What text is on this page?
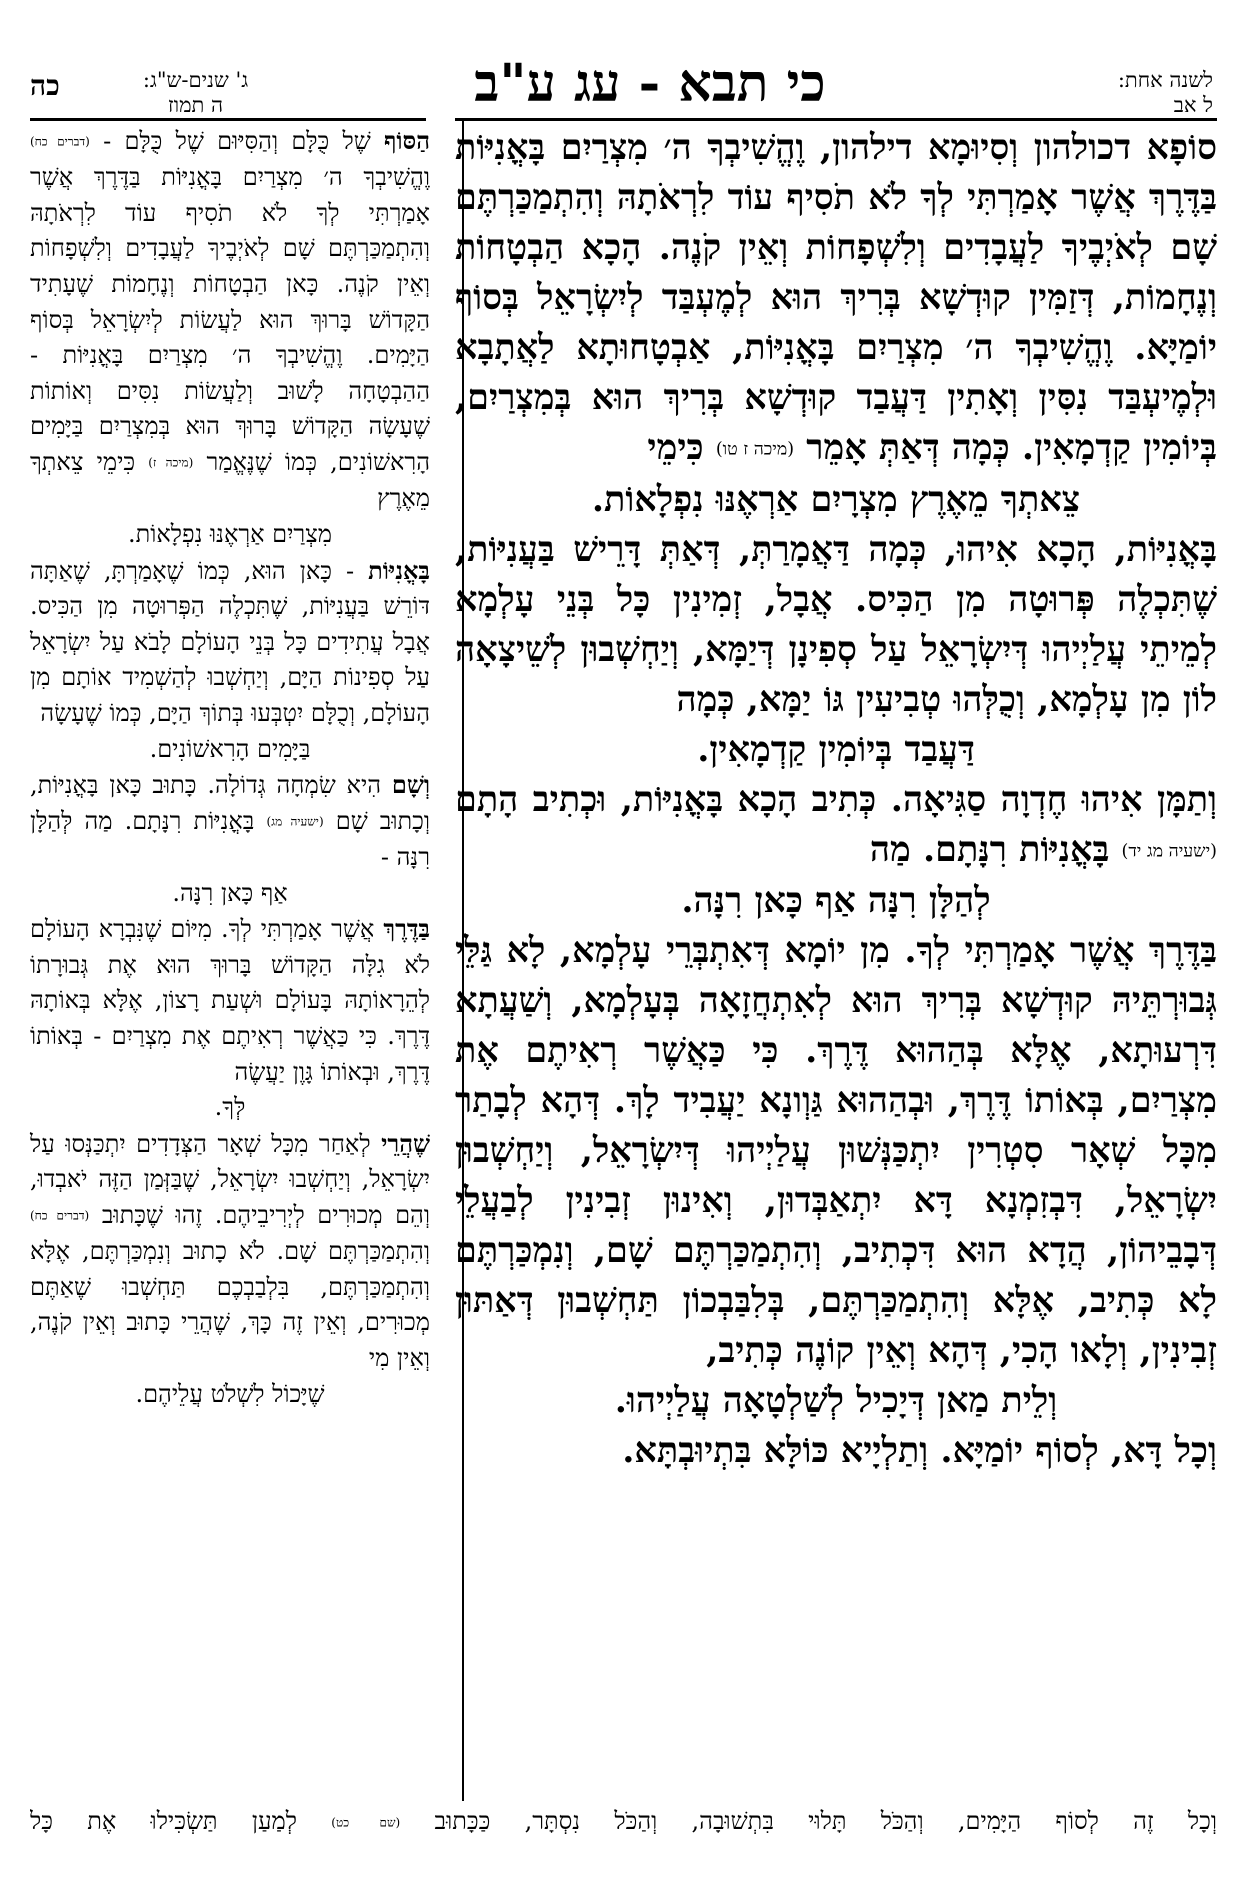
לשנה אחת:
ל אב
כי תבא - עג ע"ב
ג' שנים-ש"ג:
ה תמוז
כה

סוֹפָא דכולהון וְסִיוּמָא דילהון, וֶהֱשִׁיבְךָ ה׳ מִצְרַיִם בָּאֳנִיּוֹת בַּדֶּרֶךְ אֲשֶׁר אָמַרְתִּי לְךָ לֹא תֹסִיף עוֹד לִרְאֹתָהּ וְהִתְמַכַּרְתֶּם שָׁם לְאֹיְבֶיךָ לַעֲבָדִים וְלִשְׁפָחוֹת וְאֵין קֹנֶה. הָכָא הַבְטָחוֹת וְנֶחָמוֹת, דְּזַמִּין קוּדְשָׁא בְּרִיךְ הוּא לְמֶעְבַּד לְיִשְׂרָאֵל בְּסוֹף יוֹמַיָּא. וֶהֱשִׁיבְךָ ה׳ מִצְרַיִם בָּאֳנִיּוֹת, אַבְטָחוּתָא לַאֲתָבָא וּלְמֶיעְבַּד נִסִּין וְאָתִין דַּעֲבַד קוּדְשָׁא בְּרִיךְ הוּא בְּמִצְרַיִם, בְּיוֹמִין קַדְמָאִין. כְּמָה דְּאַתְּ אָמֵר (מיכה ז טו) כִּימֵי

צֵאתְךָ מֵאֶרֶץ מִצְרָיִם אַרְאֶנּוּ נִפְלָאוֹת.

בָּאֳנִיּוֹת, הָכָא אִיהוּ, כְּמָה דַּאֲמָרַתְּ, דְּאַתְּ דָּרֵישׁ בַּעֲנִיּוֹת, שֶׁתִּכְלֶה פְּרוּטָה מִן הַכִּיס. אֲבָל, זְמִינִין כָּל בְּנֵי עָלְמָא לְמֵיתֵי עֲלַיְיהוּ דְּיִשְׂרָאֵל עַל סְפִינָן דְּיַמָּא, וְיַחְשְׁבוּן לְשֵׁיצָאָה לוֹן מִן עָלְמָא, וְכֻלְּהוּ טְבִיעִין גּוֹ יַמָּא, כְּמָה

דַּעֲבַד בְּיוֹמִין קַדְמָאִין.

וְתַמָּן אִיהוּ חֶדְוָה סַגִּיאָה. כְּתִיב הָכָא בָּאֳנִיּוֹת, וּכְתִיב הָתָם (ישעיה מג יד) בָּאֳנִיּוֹת רִנָּתָם. מַה

לְהַלָּן רִנָּה אַף כָּאן רִנָּה.

בַּדֶּרֶךְ אֲשֶׁר אָמַרְתִּי לְךָ. מִן יוֹמָא דְּאִתְבְּרֵי עָלְמָא, לָא גַּלֵּי גְּבוּרְתֵּיהּ קוּדְשָׁא בְּרִיךְ הוּא לְאִתְחֲזָאָה בְּעָלְמָא, וְשַׁעֲתָא דִּרְעוּתָא, אֶלָּא בְּהַהוּא דֶּרֶךְ. כִּי כַּאֲשֶׁר רְאִיתֶם אֶת מִצְרַיִם, בְּאוֹתוֹ דֶּרֶךְ, וּבְהַהוּא גַּוְונָא יַעֲבִיד לָךְ. דְּהָא לְבָתַר מִכָּל שְׁאָר סִטְרִין יִתְכַּנְּשׁוּן עֲלַיְיהוּ דְּיִשְׂרָאֵל, וְיַחְשְׁבוּן יִשְׂרָאֵל, דִּבְזִמְנָא דָּא יִתְאַבְּדוּן, וְאִינוּן זְבִינִין לְבַעֲלֵי דְּבָבֵיהוֹן, הֲדָא הוּא דִּכְתִיב, וְהִתְמַכַּרְתֶּם שָׁם, וְנִמְכַּרְתֶּם לָא כְּתִיב, אֶלָּא וְהִתְמַכַּרְתֶּם, בְּלִבַּבְכוֹן תַּחְשְׁבוּן דְּאַתּוּן זְבִינִין, וְלָאו הָכִי, דְּהָא וְאֵין קוֹנֶה כְּתִיב,

וְלֵית מַאן דְּיָכִיל לְשַׁלְטָאָה עֲלַיְיהוּ.

וְכָל דָּא, לְסוֹף יוֹמַיָּא. וְתַלְיָיא כּוֹלָּא בִּתְיוּבְתָּא.

הַסּוֹף שֶׁל כֻּלָּם וְהַסִּיּוּם שֶׁל כֻּלָּם - (דברים כח) וֶהֱשִׁיבְךָ ה׳ מִצְרַיִם בָּאֳנִיּוֹת בַּדֶּרֶךְ אֲשֶׁר אָמַרְתִּי לְךָ לֹא תֹסִיף עוֹד לִרְאֹתָהּ וְהִתְמַכַּרְתֶּם שָׁם לְאֹיְבֶיךָ לַעֲבָדִים וְלִשְׁפָחוֹת וְאֵין קֹנֶה. כָּאן הַבְטָחוֹת וְנֶחָמוֹת שֶׁעָתִיד הַקָּדוֹשׁ בָּרוּךְ הוּא לַעֲשׂוֹת לְיִשְׂרָאֵל בְּסוֹף הַיָּמִים. וֶהֱשִׁיבְךָ ה׳ מִצְרַיִם בָּאֳנִיּוֹת - הַהַבְטָחָה לָשׁוּב וְלַעֲשׂוֹת נִסִּים וְאוֹתוֹת שֶׁעָשָׂה הַקָּדוֹשׁ בָּרוּךְ הוּא בְּמִצְרַיִם בַּיָּמִים הָרִאשׁוֹנִים, כְּמוֹ שֶׁנֶּאֱמַר (מיכה ז) כִּימֵי צֵאתְךָ מֵאֶרֶץ

מִצְרַיִם אַרְאֶנּוּ נִפְלָאוֹת.

בָּאֳנִיּוֹת - כָּאן הוּא, כְּמוֹ שֶׁאָמַרְתָּ, שֶׁאַתָּה דּוֹרֵשׁ בַּעֲנִיּוֹת, שֶׁתִּכְלֶה הַפְּרוּטָה מִן הַכִּיס. אֲבָל עֲתִידִים כָּל בְּנֵי הָעוֹלָם לָבֹא עַל יִשְׂרָאֵל עַל סְפִינוֹת הַיָּם, וְיַחְשְׁבוּ לְהַשְׁמִיד אוֹתָם מִן הָעוֹלָם, וְכֻלָּם יִטְבְּעוּ בְּתוֹךְ הַיָּם, כְּמוֹ שֶׁעָשָׂה

בַּיָּמִים הָרִאשׁוֹנִים.

וְשָׁם הִיא שִׂמְחָה גְּדוֹלָה. כָּתוּב כָּאן בָּאֳנִיּוֹת, וְכָתוּב שָׁם (ישעיה מג) בָּאֳנִיּוֹת רִנָּתָם. מַה לְּהַלָּן רִנָּה -

אַף כָּאן רִנָּה.

בַּדֶּרֶךְ אֲשֶׁר אָמַרְתִּי לְךָ. מִיּוֹם שֶׁנִּבְרָא הָעוֹלָם לֹא גִלָּה הַקָּדוֹשׁ בָּרוּךְ הוּא אֶת גְּבוּרָתוֹ לְהֵרָאוֹתָהּ בָּעוֹלָם וּשְׁעַת רָצוֹן, אֶלָּא בְּאוֹתָהּ דֶּרֶךְ. כִּי כַּאֲשֶׁר רְאִיתֶם אֶת מִצְרַיִם - בְּאוֹתוֹ דֶּרֶךְ, וּבְאוֹתוֹ גָּוֶן יַעֲשֶׂה

לְּךָ.

שֶׁהֲרֵי לְאַחַר מִכָּל שְׁאָר הַצְּדָדִים יִתְכַּנְּסוּ עַל יִשְׂרָאֵל, וְיַחְשְׁבוּ יִשְׂרָאֵל, שֶׁבַּזְּמַן הַזֶּה יֹאבְדוּ, וְהֵם מְכוּרִים לְיְרִיבֵיהֶם. זֶהוּ שֶׁכָּתוּב (דברים כח) וְהִתְמַכַּרְתֶּם שָׁם. לֹא כָתוּב וְנִמְכַּרְתֶּם, אֶלָּא וְהִתְמַכַּרְתֶּם, בִּלְבַבְכֶם תַּחְשְׁבוּ שֶׁאַתֶּם מְכוּרִים, וְאֵין זֶה כָּךְ, שֶׁהֲרֵי כָּתוּב וְאֵין קֹנֶה, וְאֵין מִי

שֶׁיָּכוֹל לִשְׁלֹט עֲלֵיהֶם.

וְכָל זֶה לְסוֹף הַיָּמִים, וְהַכֹּל תָּלוּי בִּתְשׁוּבָה, וְהַכֹּל נִסְתָּר, כַּכָּתוּב (שם כט) לְמַעַן תַּשְׂכִּילוּ אֶת כָּל
